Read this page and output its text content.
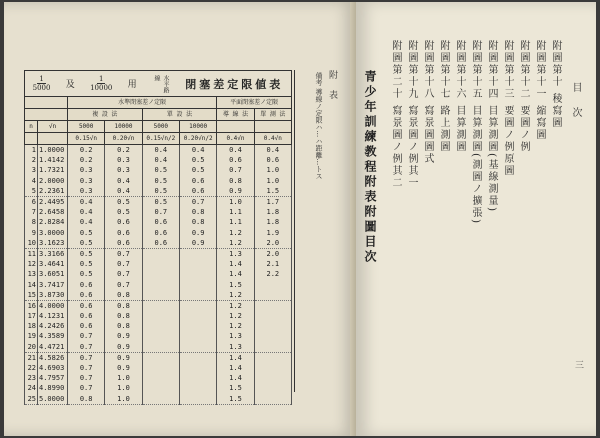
$\frac{1}{5000}$ 及 $\frac{1}{10000}$ 用	水平路線	閉塞差定限値表
		水準閉塞差ノ定限				平面閉塞差ノ定限	
		複 設 法		單 設 法		導 線 法	單 測 法
n	√n	5000	10000	5000	10000		
		0.15√n	0.20√n	0.15√n/2	0.20√n/2	0.4√n	0.4√n
1	1.0000	0.2	0.2	0.4	0.4	0.4	0.4
2	1.4142	0.2	0.3	0.4	0.5	0.6	0.6
3	1.7321	0.3	0.3	0.5	0.5	0.7	1.0
4	2.0000	0.3	0.4	0.5	0.6	0.8	1.0
5	2.2361	0.3	0.4	0.5	0.6	0.9	1.5
6	2.4495	0.4	0.5	0.5	0.7	1.0	1.7
7	2.6458	0.4	0.5	0.7	0.8	1.1	1.8
8	2.8284	0.4	0.6	0.6	0.8	1.1	1.8
9	3.0000	0.5	0.6	0.6	0.9	1.2	1.9
10	3.1623	0.5	0.6	0.6	0.9	1.2	2.0
11	3.3166	0.5	0.7			1.3	2.0
12	3.4641	0.5	0.7			1.4	2.1
13	3.6051	0.5	0.7			1.4	2.2
14	3.7417	0.6	0.7			1.5	
15	3.8730	0.6	0.8			1.2	
16	4.0000	0.6	0.8			1.2	
17	4.1231	0.6	0.8			1.2	
18	4.2426	0.6	0.8			1.2	
19	4.3589	0.7	0.9			1.3	
20	4.4721	0.7	0.9			1.3	
21	4.5826	0.7	0.9			1.4	
22	4.6903	0.7	0.9			1.4	
23	4.7957	0.7	1.0			1.4	
24	4.8990	0.7	1.0			1.5	
25	5.0000	0.8	1.0			1.5	
備考 導線ノ定限ハ…ハ距離…トス 附 表	目 次
附圖第十 稜寫圖
附圖第十一 縮寫圖
附圖第十二 要圖ノ例
附圖第十三 要圖ノ例原圖
附圖第十四 目算測圖(基線測量)
附圖第十五 目算測圖(測圖ノ擴張)
附圖第十六 目算測圖
附圖第十七 路上測圖
附圖第十八 寫景圖圖式
附圖第十九 寫景圖ノ例其一
附圖第二十 寫景圖ノ例其二
青少年訓練教程附表附圖目次
三
